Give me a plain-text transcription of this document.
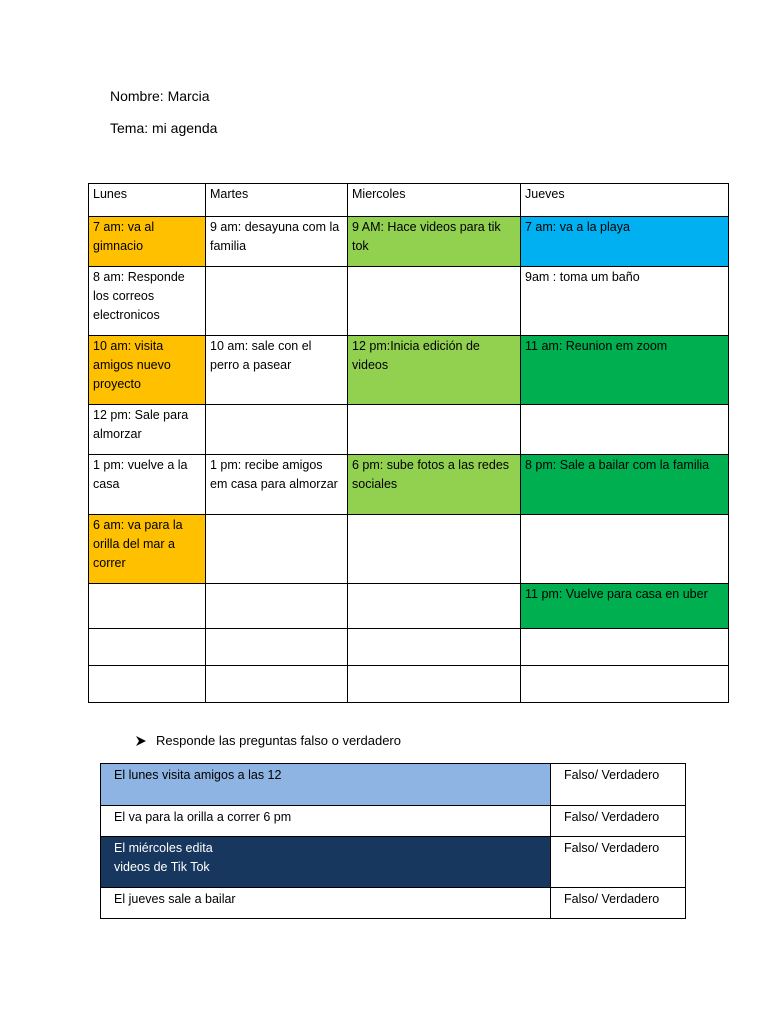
Nombre: Marcia
Tema: mi agenda
Lunes	Martes	Miercoles	Jueves
7 am: va al gimnacio	9 am: desayuna com la familia	9 AM: Hace videos para tik tok	7 am: va a la playa
8 am: Responde los correos electronicos			9am : toma um baño
10 am: visita amigos nuevo proyecto	10 am: sale con el perro a pasear	12 pm:Inicia edición de videos	11 am: Reunion em zoom
12 pm: Sale para almorzar			
1 pm: vuelve a la casa	1 pm: recibe amigos em casa para almorzar	6 pm: sube fotos a las redes sociales	8 pm: Sale a bailar com la familia
6 am: va para la orilla del mar a correr			
			11 pm: Vuelve para casa en uber

Responde las preguntas falso o verdadero
El lunes visita amigos a las 12	Falso/ Verdadero
El va para la orilla a correr 6 pm	Falso/ Verdadero

El miércoles edita videos de Tik Tok	Falso/ Verdadero
El jueves sale a bailar	Falso/ Verdadero
